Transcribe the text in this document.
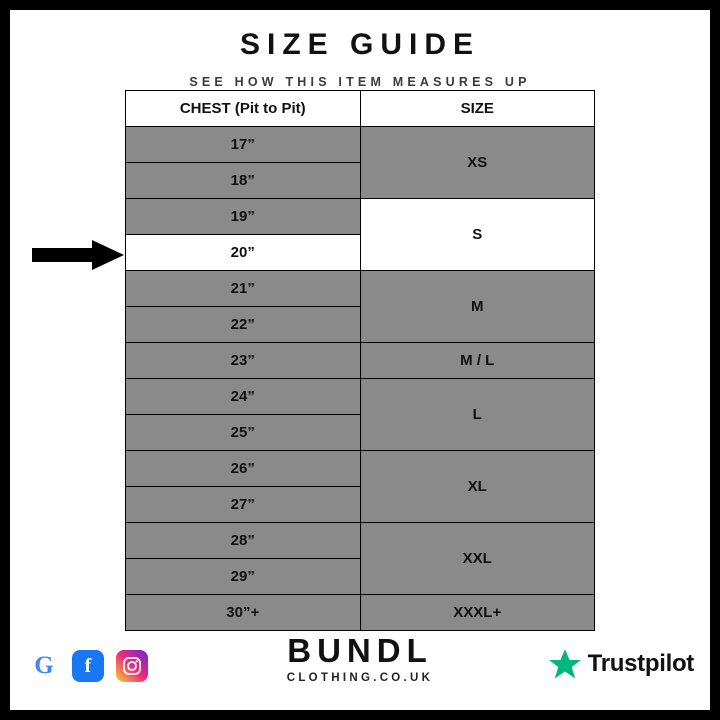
SIZE GUIDE
SEE HOW THIS ITEM MEASURES UP
CHEST (Pit to Pit)	SIZE
17”	XS
18”	
19”	S
20”	
21”	M
22”	
23”	M / L
24”	L
25”	
26”	XL
27”	
28”	XXL
29”	
30”+	XXXL+
G f	BUNDL
CLOTHING.CO.UK
Trustpilot
